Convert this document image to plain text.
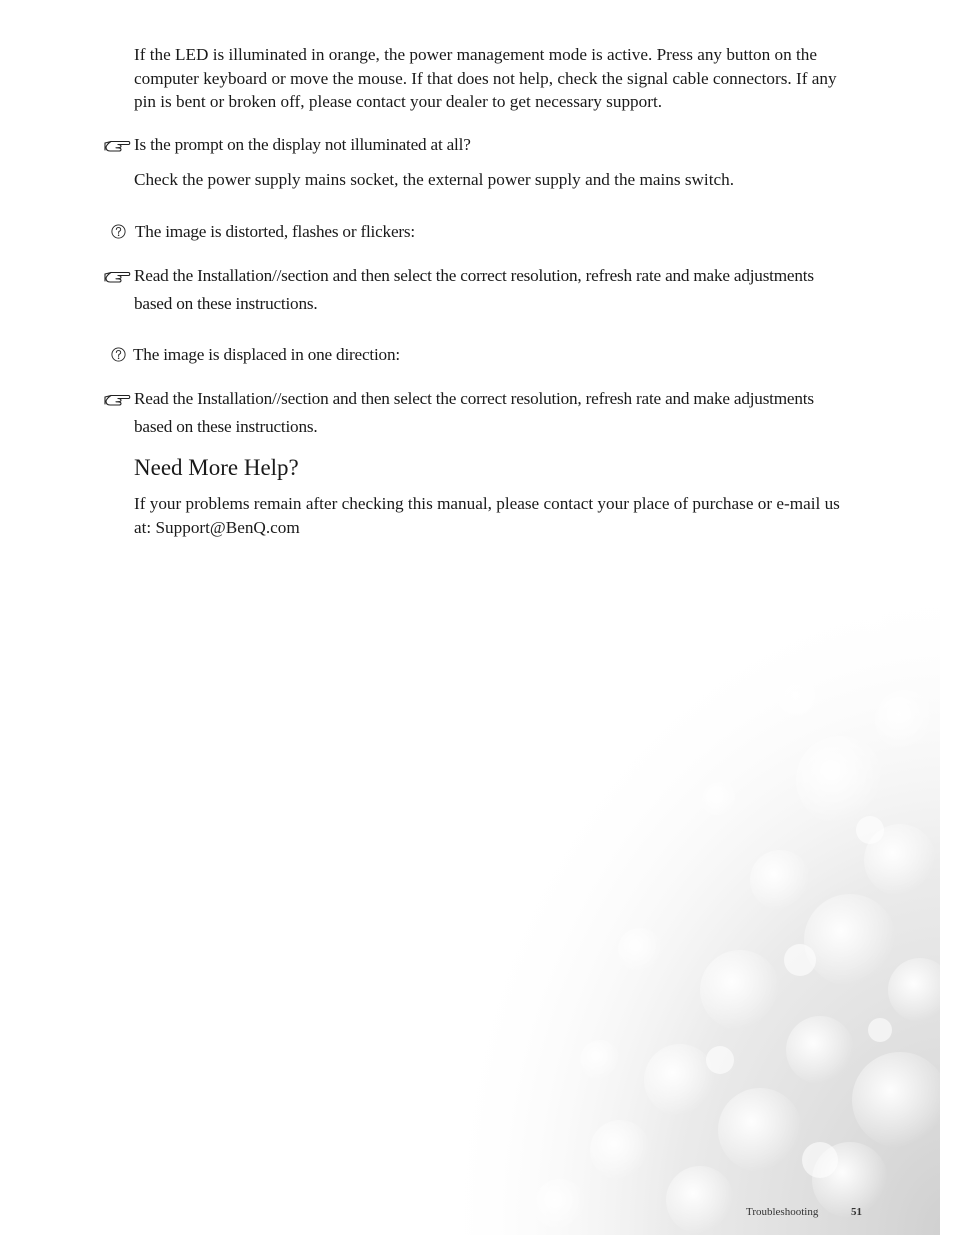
If the LED is illuminated in orange, the power management mode is active. Press any button on the computer keyboard or move the mouse. If that does not help, check the signal cable connectors. If any pin is bent or broken off, please contact your dealer to get necessary support.

Is the prompt on the display not illuminated at all?

Check the power supply mains socket, the external power supply and the mains switch.

The image is distorted, flashes or flickers:
Read the Installation//section and then select the correct resolution, refresh rate and make adjustments based on these instructions.
The image is displaced in one direction:
Read the Installation//section and then select the correct resolution, refresh rate and make adjustments based on these instructions.
Need More Help?

If your problems remain after checking this manual, please contact your place of purchase or e-mail us at: Support@BenQ.com

Troubleshooting	51
